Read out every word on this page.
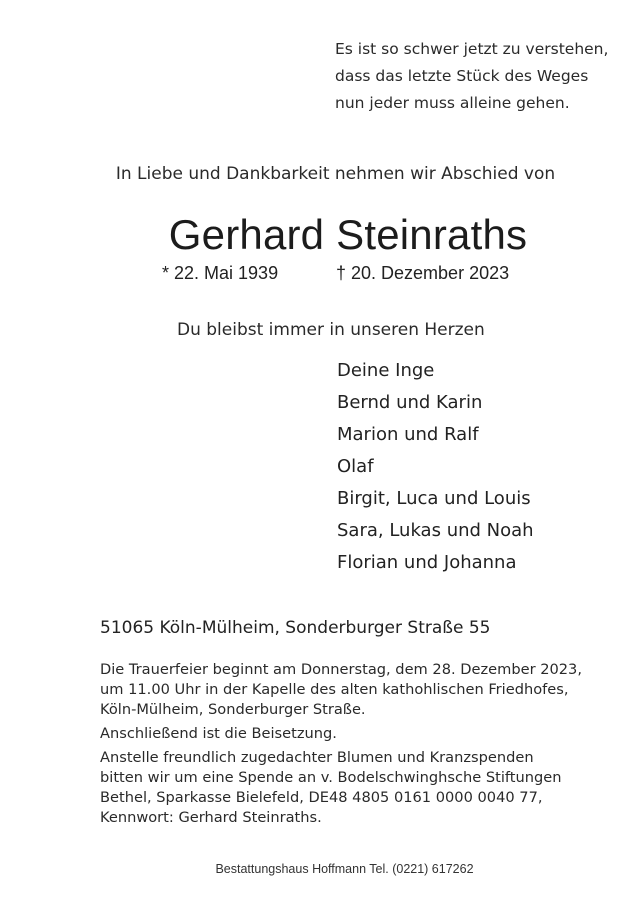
Es ist so schwer jetzt zu verstehen,
dass das letzte Stück des Weges
nun jeder muss alleine gehen.
In Liebe und Dankbarkeit nehmen wir Abschied von
Gerhard Steinraths
* 22. Mai 1939	† 20. Dezember 2023
Du bleibst immer in unseren Herzen
Deine Inge
Bernd und Karin
Marion und Ralf
Olaf
Birgit, Luca und Louis
Sara, Lukas und Noah
Florian und Johanna
51065 Köln-Mülheim, Sonderburger Straße 55

Die Trauerfeier beginnt am Donnerstag, dem 28. Dezember 2023,
um 11.00 Uhr in der Kapelle des alten kathohlischen Friedhofes,
Köln-Mülheim, Sonderburger Straße.

Anschließend ist die Beisetzung.

Anstelle freundlich zugedachter Blumen und Kranzspenden
bitten wir um eine Spende an v. Bodelschwinghsche Stiftungen
Bethel, Sparkasse Bielefeld, DE48 4805 0161 0000 0040 77,
Kennwort: Gerhard Steinraths.

Bestattungshaus Hoffmann Tel. (0221) 617262
